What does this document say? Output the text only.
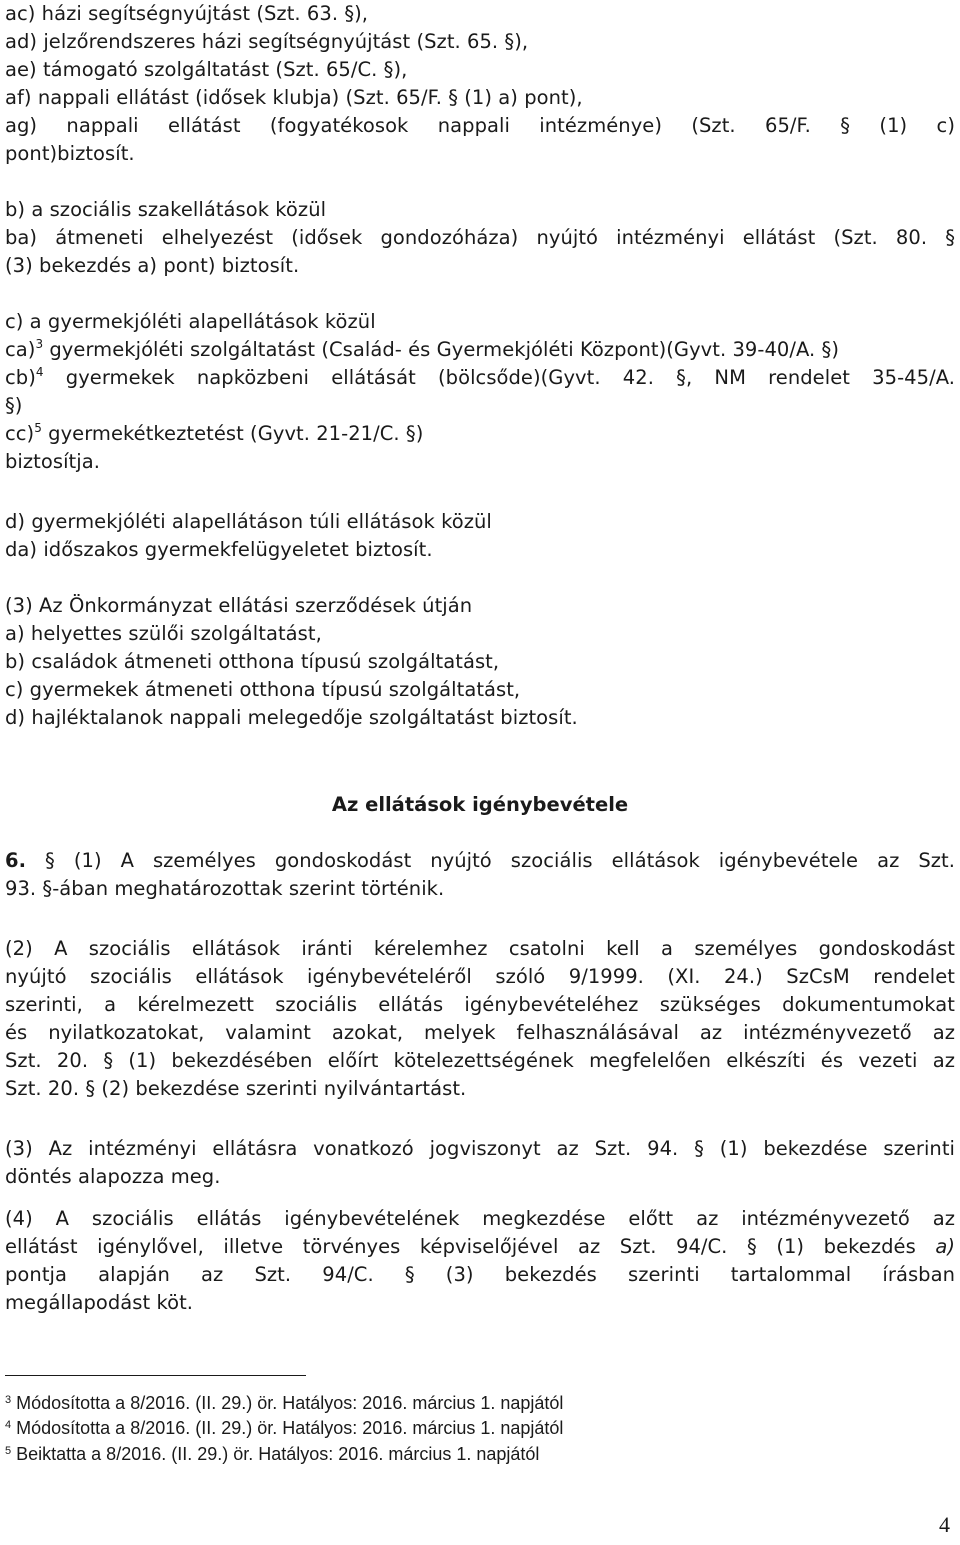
ac) házi segítségnyújtást (Szt. 63. §),
ad) jelzőrendszeres házi segítségnyújtást (Szt. 65. §),
ae) támogató szolgáltatást (Szt. 65/C. §),
af) nappali ellátást (idősek klubja) (Szt. 65/F. § (1) a) pont),
ag) nappali ellátást (fogyatékosok nappali intézménye) (Szt. 65/F. § (1) c)
pont)biztosít.
b) a szociális szakellátások közül
ba) átmeneti elhelyezést (idősek gondozóháza) nyújtó intézményi ellátást (Szt. 80. §
(3) bekezdés a) pont) biztosít.
c) a gyermekjóléti alapellátások közül
ca)$^3$ gyermekjóléti szolgáltatást (Család- és Gyermekjóléti Központ)(Gyvt. 39-40/A. §)
cb)$^4$ gyermekek napközbeni ellátását (bölcsőde)(Gyvt. 42. §, NM rendelet 35-45/A.
§)
cc)$^5$ gyermekétkeztetést (Gyvt. 21-21/C. §)
biztosítja.
d) gyermekjóléti alapellátáson túli ellátások közül
da) időszakos gyermekfelügyeletet biztosít.
(3) Az Önkormányzat ellátási szerződések útján
a) helyettes szülői szolgáltatást,
b) családok átmeneti otthona típusú szolgáltatást,
c) gyermekek átmeneti otthona típusú szolgáltatást,
d) hajléktalanok nappali melegedője szolgáltatást biztosít.
Az ellátások igénybevétele
6. § (1) A személyes gondoskodást nyújtó szociális ellátások igénybevétele az Szt.
93. §-ában meghatározottak szerint történik.
(2) A szociális ellátások iránti kérelemhez csatolni kell a személyes gondoskodást
nyújtó szociális ellátások igénybevételéről szóló 9/1999. (XI. 24.) SzCsM rendelet
szerinti, a kérelmezett szociális ellátás igénybevételéhez szükséges dokumentumokat
és nyilatkozatokat, valamint azokat, melyek felhasználásával az intézményvezető az
Szt. 20. § (1) bekezdésében előírt kötelezettségének megfelelően elkészíti és vezeti az
Szt. 20. § (2) bekezdése szerinti nyilvántartást.
(3) Az intézményi ellátásra vonatkozó jogviszonyt az Szt. 94. § (1) bekezdése szerinti
döntés alapozza meg.
(4) A szociális ellátás igénybevételének megkezdése előtt az intézményvezető az
ellátást igénylővel, illetve törvényes képviselőjével az Szt. 94/C. § (1) bekezdés a)
pontja alapján az Szt. 94/C. § (3) bekezdés szerinti tartalommal írásban
megállapodást köt.
$^3$ Módosította a 8/2016. (II. 29.) ör. Hatályos: 2016. március 1. napjától
$^4$ Módosította a 8/2016. (II. 29.) ör. Hatályos: 2016. március 1. napjától
$^5$ Beiktatta a 8/2016. (II. 29.) ör. Hatályos: 2016. március 1. napjától
4
